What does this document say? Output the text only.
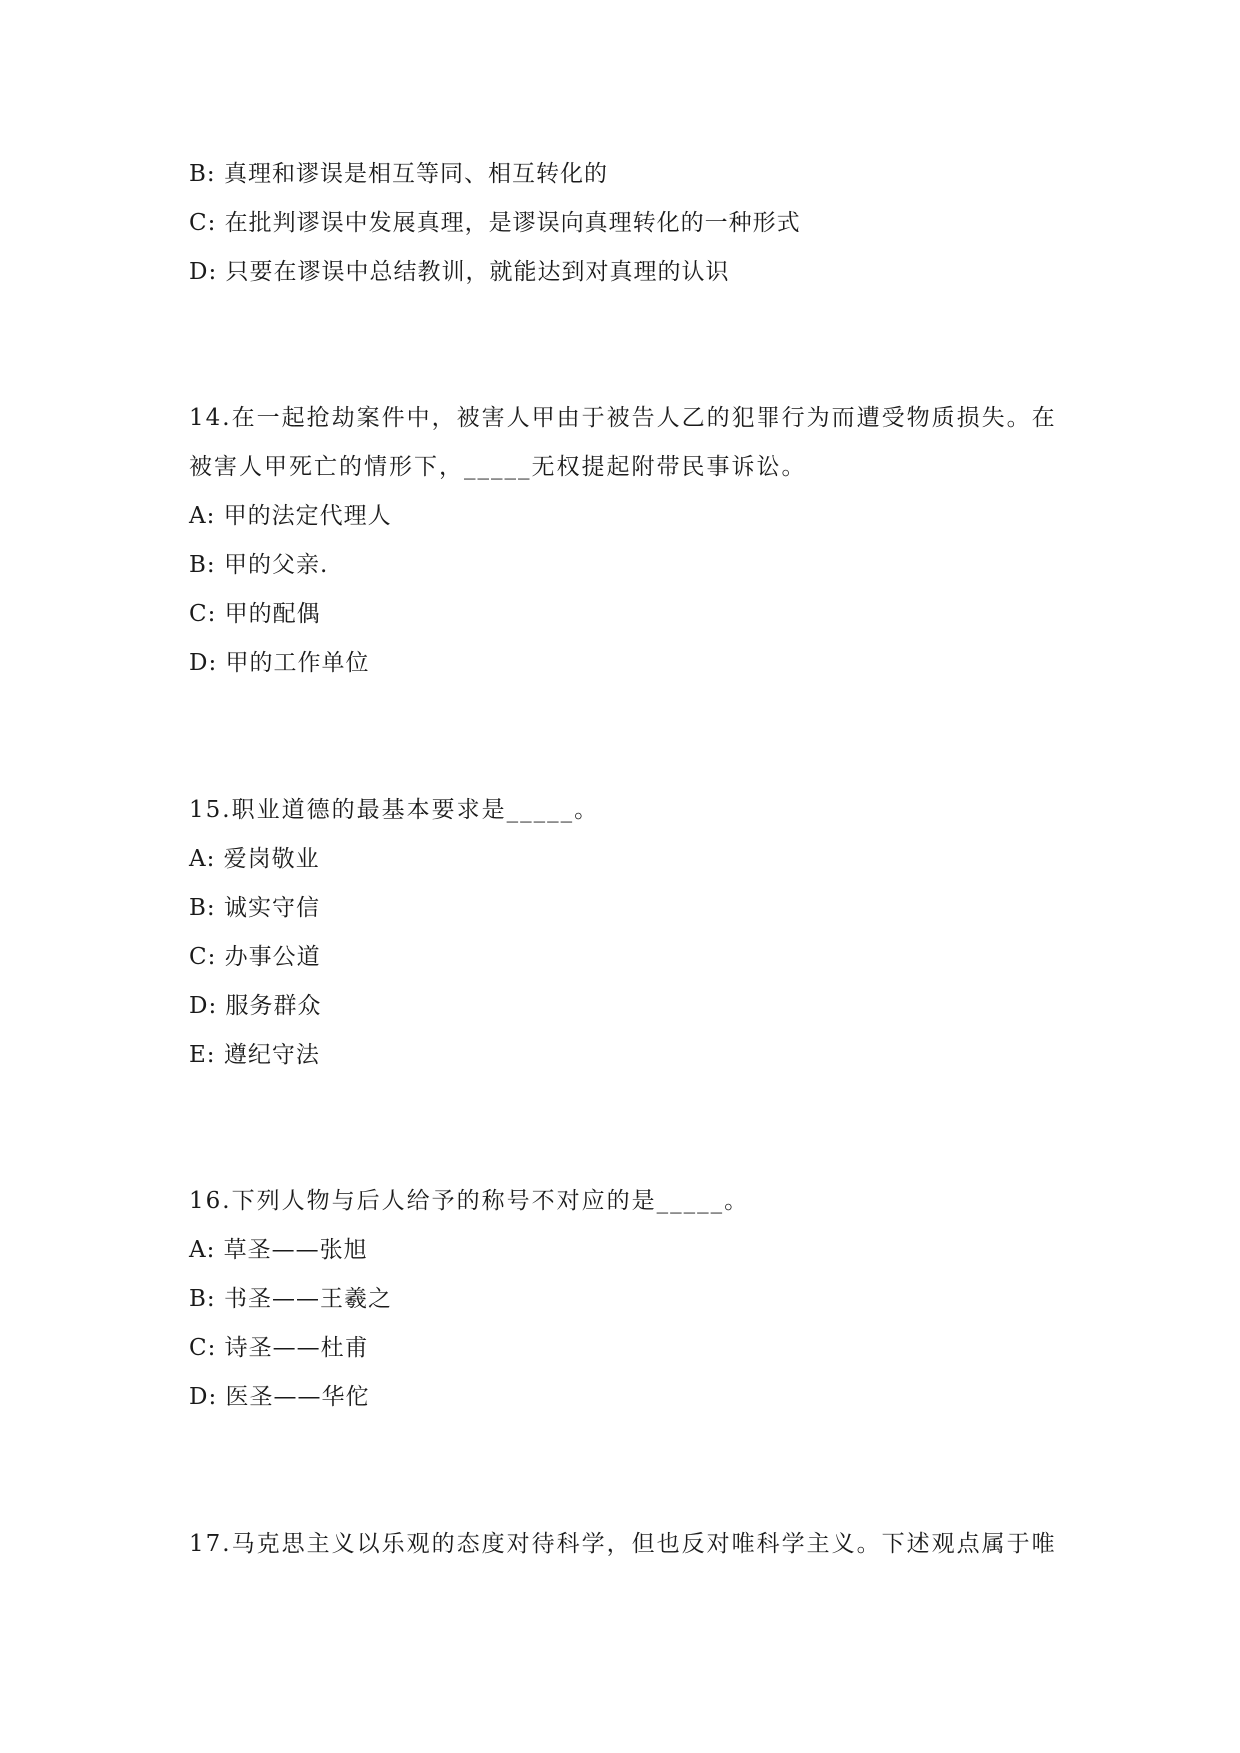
B: 真理和谬误是相互等同、相互转化的
C: 在批判谬误中发展真理，是谬误向真理转化的一种形式
D: 只要在谬误中总结教训，就能达到对真理的认识
14.在一起抢劫案件中，被害人甲由于被告人乙的犯罪行为而遭受物质损失。在
被害人甲死亡的情形下，_____无权提起附带民事诉讼。
A: 甲的法定代理人
B: 甲的父亲.
C: 甲的配偶
D: 甲的工作单位
15.职业道德的最基本要求是_____。
A: 爱岗敬业
B: 诚实守信
C: 办事公道
D: 服务群众
E: 遵纪守法
16.下列人物与后人给予的称号不对应的是_____。
A: 草圣——张旭
B: 书圣——王羲之
C: 诗圣——杜甫
D: 医圣——华佗
17.马克思主义以乐观的态度对待科学，但也反对唯科学主义。下述观点属于唯
